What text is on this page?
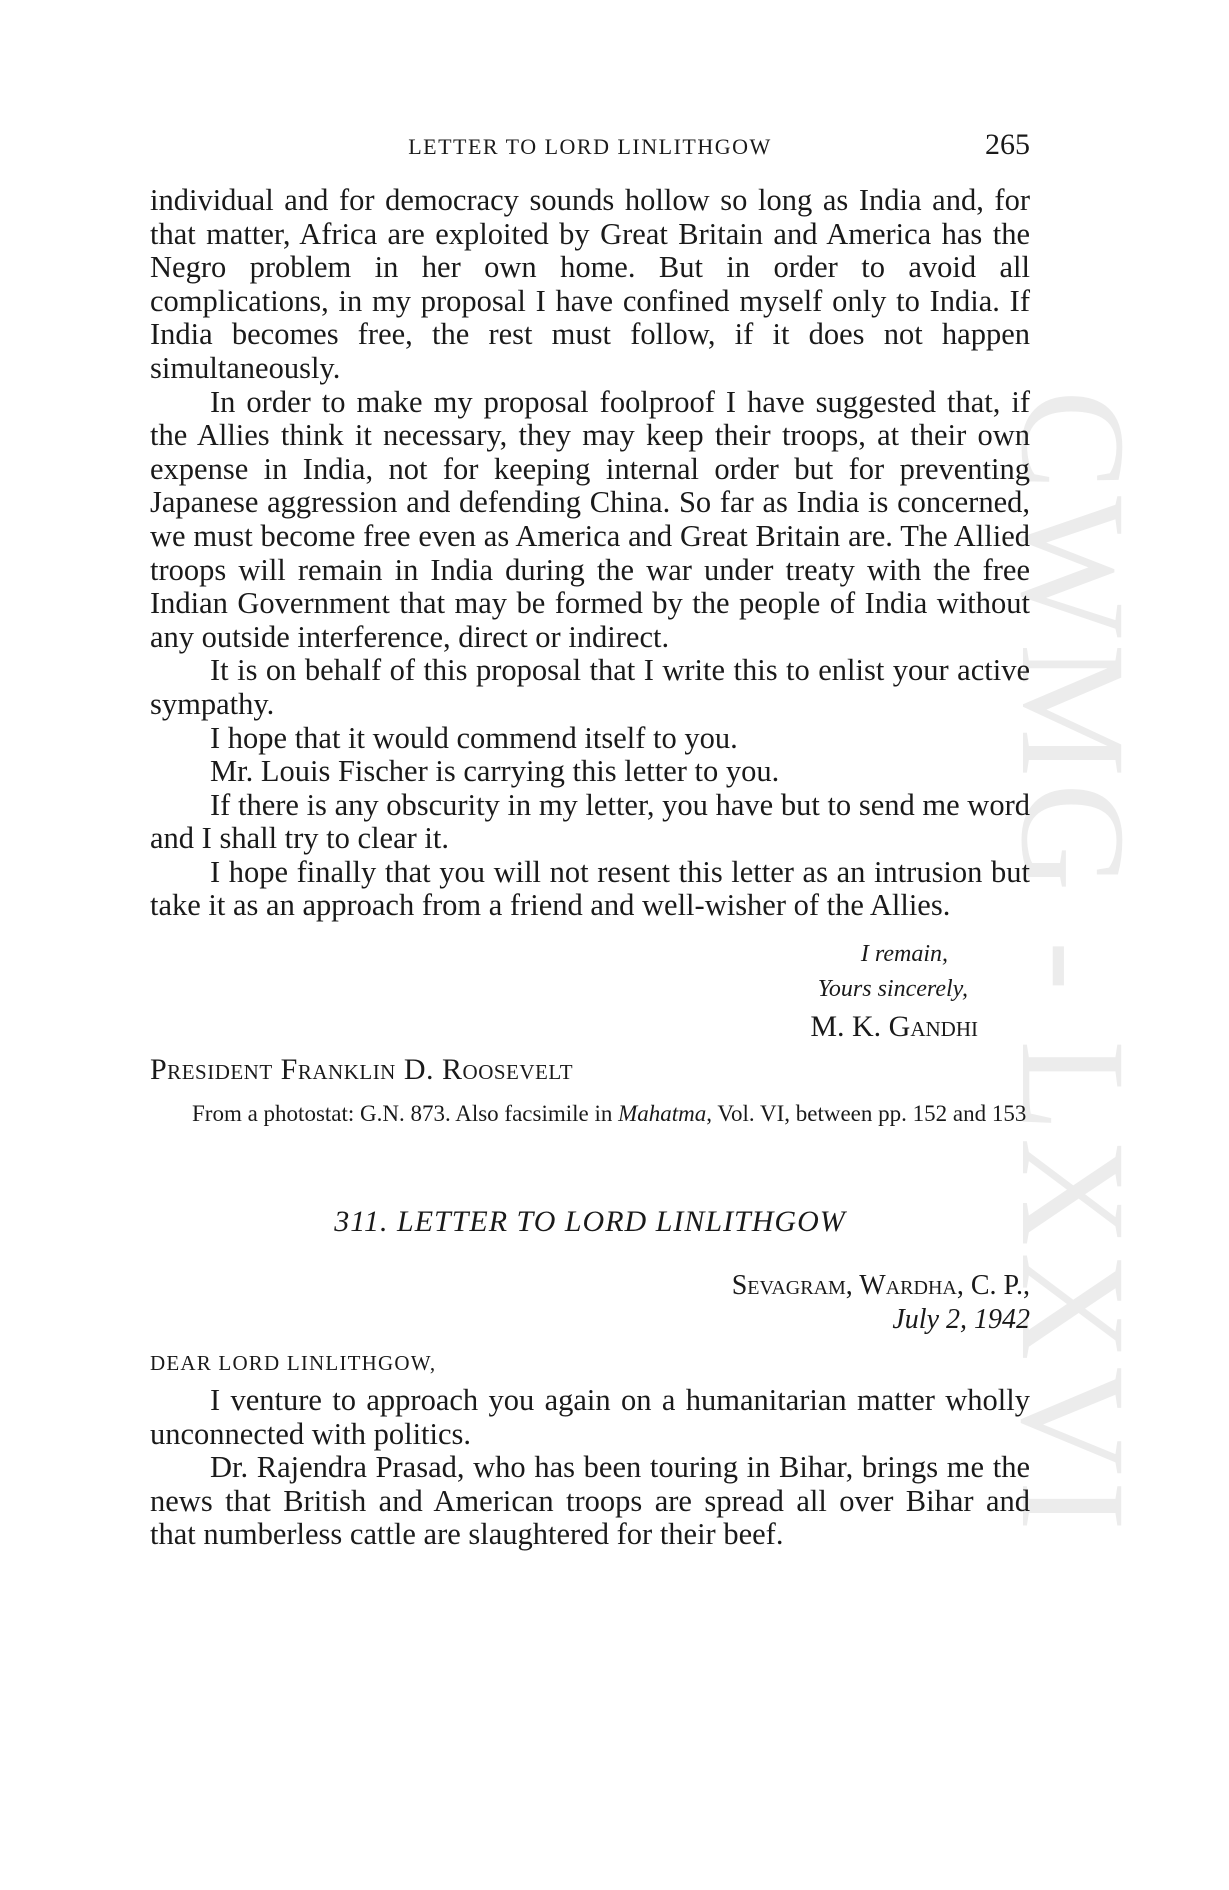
CWMG - LXXVI
LETTER TO LORD LINLITHGOW	265

individual and for democracy sounds hollow so long as India and, for that matter, Africa are exploited by Great Britain and America has the Negro problem in her own home. But in order to avoid all complications, in my proposal I have confined myself only to India. If India becomes free, the rest must follow, if it does not happen simultaneously.

In order to make my proposal foolproof I have suggested that, if the Allies think it necessary, they may keep their troops, at their own expense in India, not for keeping internal order but for preventing Japanese aggression and defending China. So far as India is concerned, we must become free even as America and Great Britain are. The Allied troops will remain in India during the war under treaty with the free Indian Government that may be formed by the people of India without any outside interference, direct or indirect.

It is on behalf of this proposal that I write this to enlist your active sympathy.

I hope that it would commend itself to you.

Mr. Louis Fischer is carrying this letter to you.

If there is any obscurity in my letter, you have but to send me word and I shall try to clear it.

I hope finally that you will not resent this letter as an intrusion but take it as an approach from a friend and well-wisher of the Allies.

I remain,
Yours sincerely,
M. K. Gandhi
President Franklin D. Roosevelt
From a photostat: G.N. 873. Also facsimile in Mahatma, Vol. VI, between pp. 152 and 153
311. LETTER TO LORD LINLITHGOW
Sevagram, Wardha, C. P.,
July 2, 1942
DEAR LORD LINLITHGOW,

I venture to approach you again on a humanitarian matter wholly unconnected with politics.

Dr. Rajendra Prasad, who has been touring in Bihar, brings me the news that British and American troops are spread all over Bihar and that numberless cattle are slaughtered for their beef.
